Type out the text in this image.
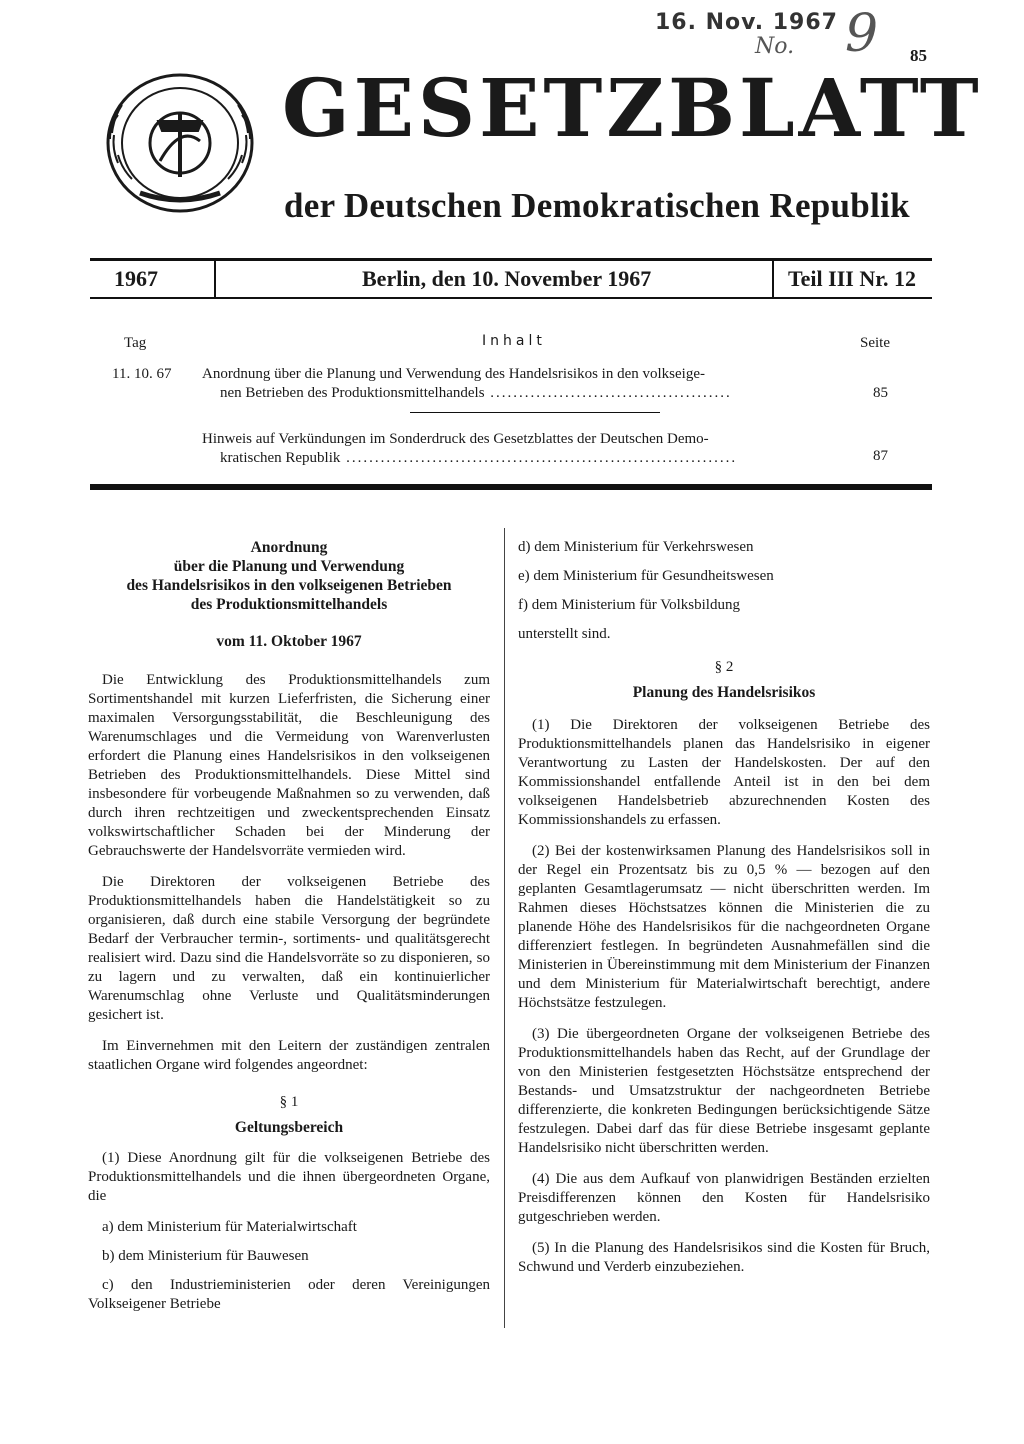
16. Nov. 1967
No. 9 85
GESETZBLATT
der Deutschen Demokratischen Republik
1967	Berlin, den 10. November 1967	Teil III Nr. 12
Tag	Inhalt	Seite
11. 10. 67 Anordnung über die Planung und Verwendung des Handelsrisikos in den volkseige-
nen Betrieben des Produktionsmittelhandels ..........................................	85
Hinweis auf Verkündungen im Sonderdruck des Gesetzblattes der Deutschen Demo-
kratischen Republik ....................................................................	87
Anordnung
über die Planung und Verwendung
des Handelsrisikos in den volkseigenen Betrieben
des Produktionsmittelhandels
vom 11. Oktober 1967

Die Entwicklung des Produktionsmittelhandels zum Sortimentshandel mit kurzen Lieferfristen, die Sicherung einer maximalen Versorgungsstabilität, die Beschleunigung des Warenumschlages und die Vermeidung von Warenverlusten erfordert die Planung eines Handelsrisikos in den volkseigenen Betrieben des Produktionsmittelhandels. Diese Mittel sind insbesondere für vorbeugende Maßnahmen so zu verwenden, daß durch ihren rechtzeitigen und zweckentsprechenden Einsatz volkswirtschaftlicher Schaden bei der Minderung der Gebrauchswerte der Handelsvorräte vermieden wird.

Die Direktoren der volkseigenen Betriebe des Produktionsmittelhandels haben die Handelstätigkeit so zu organisieren, daß durch eine stabile Versorgung der begründete Bedarf der Verbraucher termin-, sortiments- und qualitätsgerecht realisiert wird. Dazu sind die Handelsvorräte so zu disponieren, so zu lagern und zu verwalten, daß ein kontinuierlicher Warenumschlag ohne Verluste und Qualitätsminderungen gesichert ist.

Im Einvernehmen mit den Leitern der zuständigen zentralen staatlichen Organe wird folgendes angeordnet:

§ 1
Geltungsbereich

(1) Diese Anordnung gilt für die volkseigenen Betriebe des Produktionsmittelhandels und die ihnen übergeordneten Organe, die

a) dem Ministerium für Materialwirtschaft
b) dem Ministerium für Bauwesen
c) den Industrieministerien oder deren Vereinigungen Volkseigener Betriebe
d) dem Ministerium für Verkehrswesen
e) dem Ministerium für Gesundheitswesen
f) dem Ministerium für Volksbildung
unterstellt sind.
§ 2
Planung des Handelsrisikos

(1) Die Direktoren der volkseigenen Betriebe des Produktionsmittelhandels planen das Handelsrisiko in eigener Verantwortung zu Lasten der Handelskosten. Der auf den Kommissionshandel entfallende Anteil ist in den bei dem volkseigenen Handelsbetrieb abzurechnenden Kosten des Kommissionshandels zu erfassen.

(2) Bei der kostenwirksamen Planung des Handelsrisikos soll in der Regel ein Prozentsatz bis zu 0,5 % — bezogen auf den geplanten Gesamtlagerumsatz — nicht überschritten werden. Im Rahmen dieses Höchstsatzes können die Ministerien die zu planende Höhe des Handelsrisikos für die nachgeordneten Organe differenziert festlegen. In begründeten Ausnahmefällen sind die Ministerien in Übereinstimmung mit dem Ministerium der Finanzen und dem Ministerium für Materialwirtschaft berechtigt, andere Höchstsätze festzulegen.

(3) Die übergeordneten Organe der volkseigenen Betriebe des Produktionsmittelhandels haben das Recht, auf der Grundlage der von den Ministerien festgesetzten Höchstsätze entsprechend der Bestands- und Umsatzstruktur der nachgeordneten Betriebe differenzierte, die konkreten Bedingungen berücksichtigende Sätze festzulegen. Dabei darf das für diese Betriebe insgesamt geplante Handelsrisiko nicht überschritten werden.

(4) Die aus dem Aufkauf von planwidrigen Beständen erzielten Preisdifferenzen können den Kosten für Handelsrisiko gutgeschrieben werden.

(5) In die Planung des Handelsrisikos sind die Kosten für Bruch, Schwund und Verderb einzubeziehen.
